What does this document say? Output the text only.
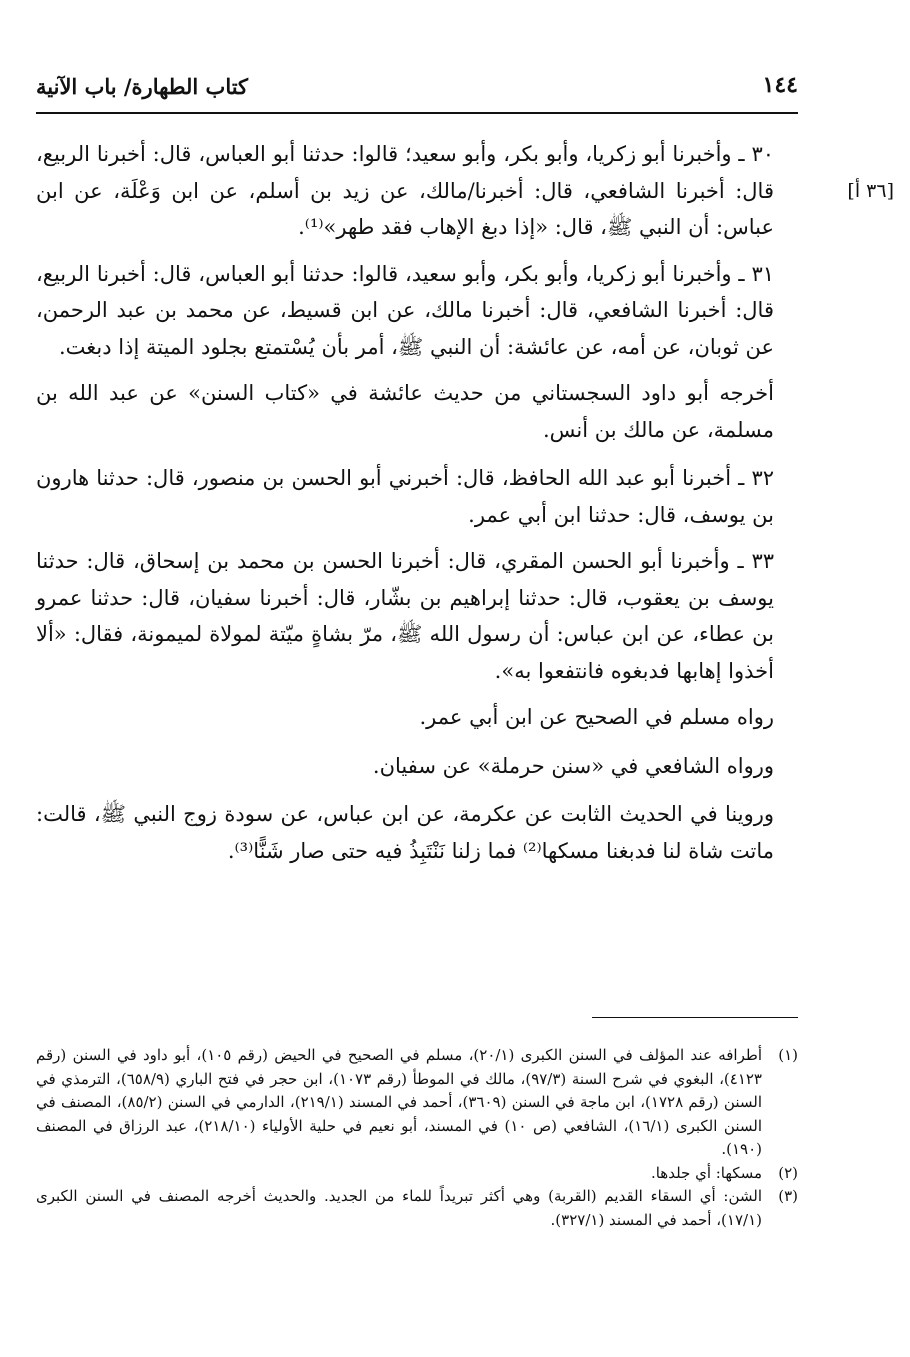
١٤٤
كتاب الطهارة/ باب الآنية
[٣٦ أ]

٣٠ ـ وأخبرنا أبو زكريا، وأبو بكر، وأبو سعيد؛ قالوا: حدثنا أبو العباس، قال: أخبرنا الربيع، قال: أخبرنا الشافعي، قال: أخبرنا/مالك، عن زيد بن أسلم، عن ابن وَعْلَة، عن ابن عباس: أن النبي ﷺ، قال: «إذا دبغ الإهاب فقد طهر»⁽¹⁾.

٣١ ـ وأخبرنا أبو زكريا، وأبو بكر، وأبو سعيد، قالوا: حدثنا أبو العباس، قال: أخبرنا الربيع، قال: أخبرنا الشافعي، قال: أخبرنا مالك، عن ابن قسيط، عن محمد بن عبد الرحمن، عن ثوبان، عن أمه، عن عائشة: أن النبي ﷺ، أمر بأن يُسْتمتع بجلود الميتة إذا دبغت.

أخرجه أبو داود السجستاني من حديث عائشة في «كتاب السنن» عن عبد الله بن مسلمة، عن مالك بن أنس.

٣٢ ـ أخبرنا أبو عبد الله الحافظ، قال: أخبرني أبو الحسن بن منصور، قال: حدثنا هارون بن يوسف، قال: حدثنا ابن أبي عمر.

٣٣ ـ وأخبرنا أبو الحسن المقري، قال: أخبرنا الحسن بن محمد بن إسحاق، قال: حدثنا يوسف بن يعقوب، قال: حدثنا إبراهيم بن بشّار، قال: أخبرنا سفيان، قال: حدثنا عمرو بن عطاء، عن ابن عباس: أن رسول الله ﷺ، مرّ بشاةٍ ميّتة لمولاة لميمونة، فقال: «ألا أخذوا إهابها فدبغوه فانتفعوا به».

رواه مسلم في الصحيح عن ابن أبي عمر.

ورواه الشافعي في «سنن حرملة» عن سفيان.

وروينا في الحديث الثابت عن عكرمة، عن ابن عباس، عن سودة زوج النبي ﷺ، قالت: ماتت شاة لنا فدبغنا مسكها⁽²⁾ فما زلنا نَنْتَبِذُ فيه حتى صار شَنًّا⁽³⁾.

(١)
أطرافه عند المؤلف في السنن الكبرى (٢٠/١)، مسلم في الصحيح في الحيض (رقم ١٠٥)، أبو داود في السنن (رقم ٤١٢٣)، البغوي في شرح السنة (٩٧/٣)، مالك في الموطأ (رقم ١٠٧٣)، ابن حجر في فتح الباري (٦٥٨/٩)، الترمذي في السنن (رقم ١٧٢٨)، ابن ماجة في السنن (٣٦٠٩)، أحمد في المسند (٢١٩/١)، الدارمي في السنن (٨٥/٢)، المصنف في السنن الكبرى (١٦/١)، الشافعي (ص ١٠) في المسند، أبو نعيم في حلية الأولياء (٢١٨/١٠)، عبد الرزاق في المصنف (١٩٠).
(٢)
مسكها: أي جلدها.
(٣)
الشن: أي السقاء القديم (القربة) وهي أكثر تبريداً للماء من الجديد. والحديث أخرجه المصنف في السنن الكبرى (١٧/١)، أحمد في المسند (٣٢٧/١).
